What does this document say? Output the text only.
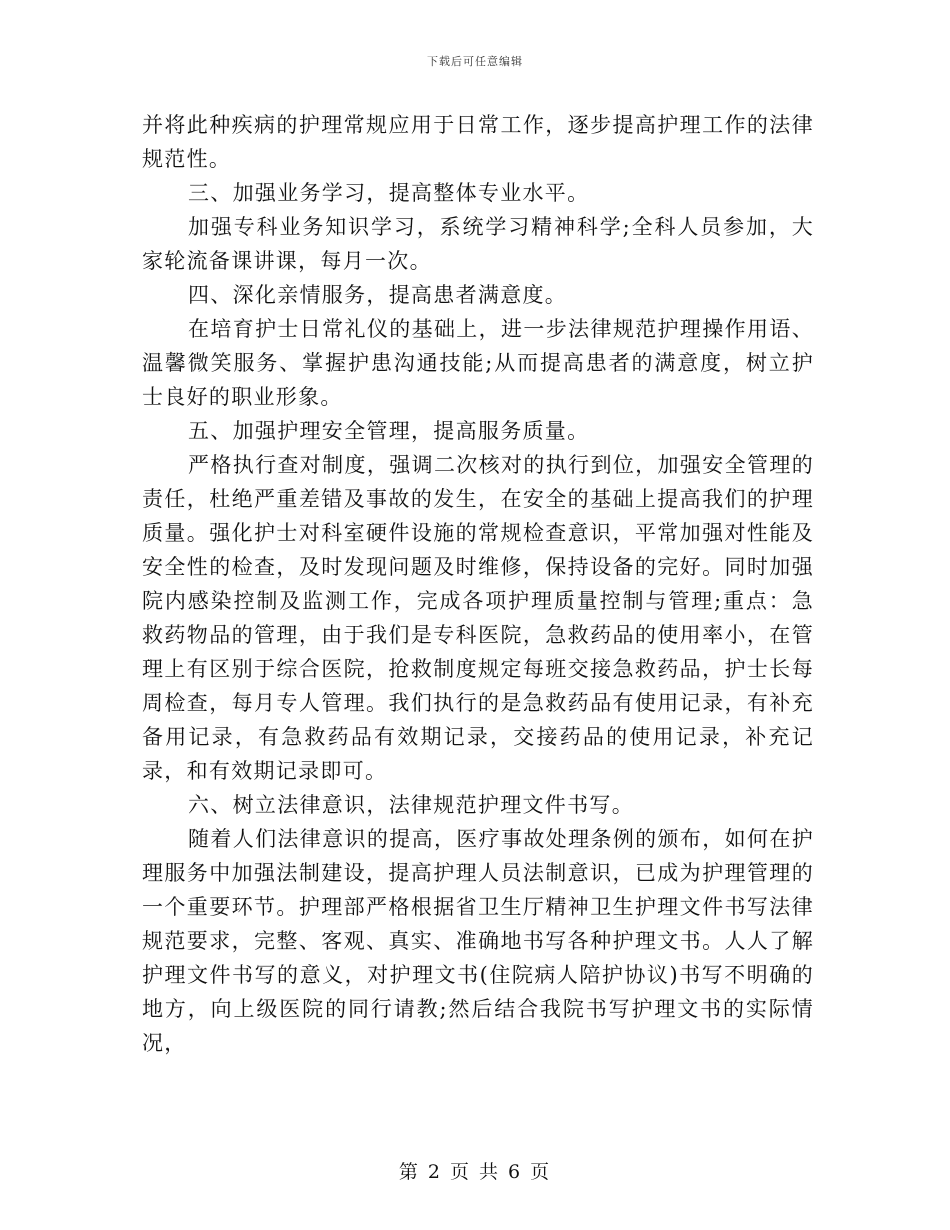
下载后可任意编辑

并将此种疾病的护理常规应用于日常工作，逐步提高护理工作的法律规范性。

三、加强业务学习，提高整体专业水平。

加强专科业务知识学习，系统学习精神科学;全科人员参加，大家轮流备课讲课，每月一次。

四、深化亲情服务，提高患者满意度。

在培育护士日常礼仪的基础上，进一步法律规范护理操作用语、温馨微笑服务、掌握护患沟通技能;从而提高患者的满意度，树立护士良好的职业形象。

五、加强护理安全管理，提高服务质量。

严格执行查对制度，强调二次核对的执行到位，加强安全管理的责任，杜绝严重差错及事故的发生，在安全的基础上提高我们的护理质量。强化护士对科室硬件设施的常规检查意识，平常加强对性能及安全性的检查，及时发现问题及时维修，保持设备的完好。同时加强院内感染控制及监测工作，完成各项护理质量控制与管理;重点：急救药物品的管理，由于我们是专科医院，急救药品的使用率小，在管理上有区别于综合医院，抢救制度规定每班交接急救药品，护士长每周检查，每月专人管理。我们执行的是急救药品有使用记录，有补充备用记录，有急救药品有效期记录，交接药品的使用记录，补充记录，和有效期记录即可。

六、树立法律意识，法律规范护理文件书写。

随着人们法律意识的提高，医疗事故处理条例的颁布，如何在护理服务中加强法制建设，提高护理人员法制意识，已成为护理管理的一个重要环节。护理部严格根据省卫生厅精神卫生护理文件书写法律规范要求，完整、客观、真实、准确地书写各种护理文书。人人了解护理文件书写的意义，对护理文书(住院病人陪护协议)书写不明确的地方，向上级医院的同行请教;然后结合我院书写护理文书的实际情况，

第 2 页 共 6 页
